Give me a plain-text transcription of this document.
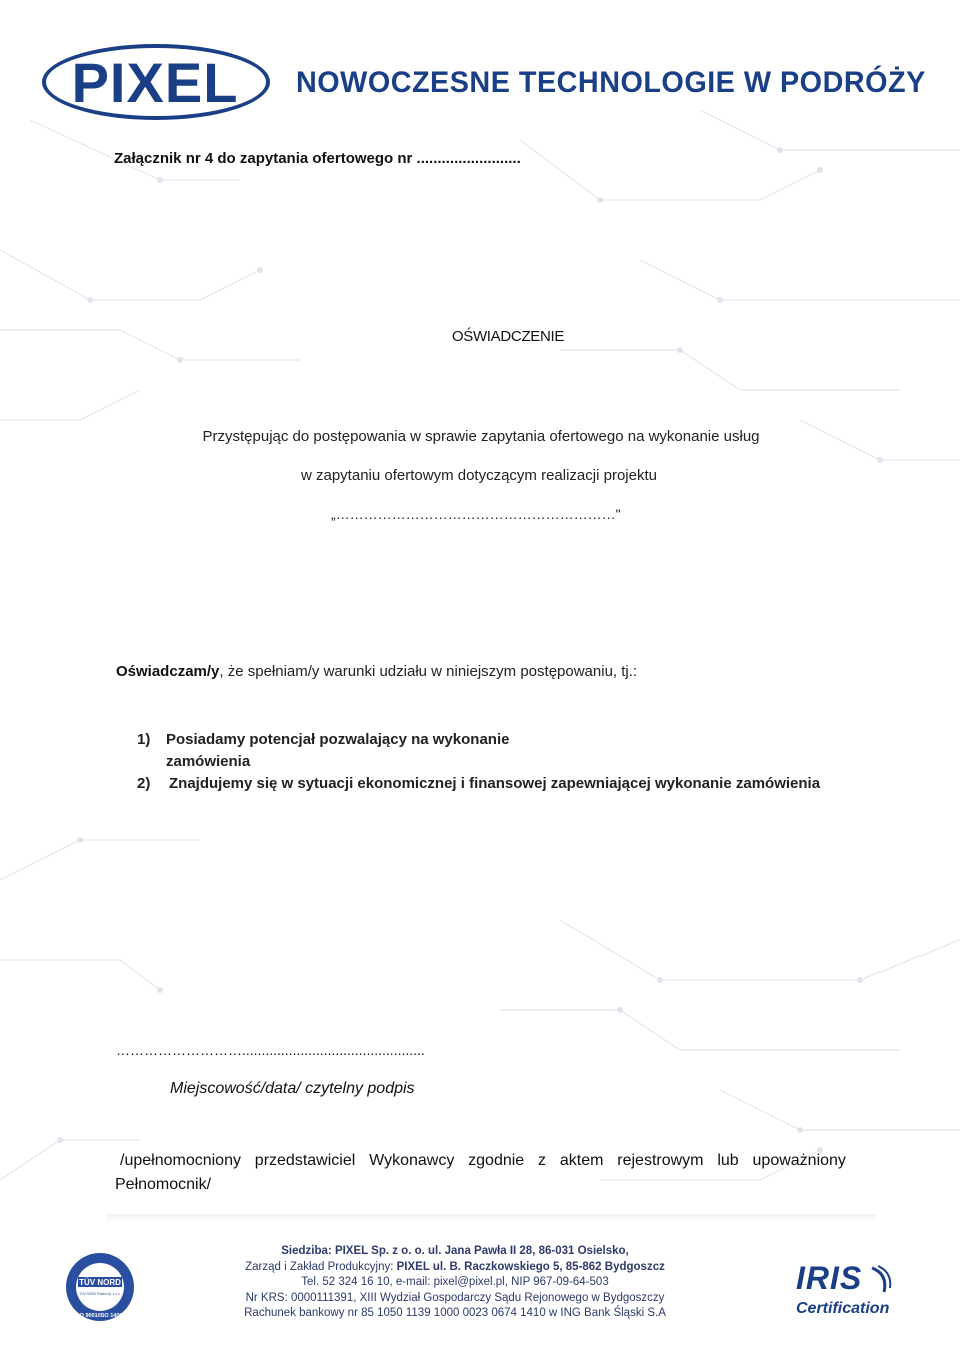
PIXEL	NOWOCZESNE TECHNOLOGIE W PODRÓŻY
Załącznik nr 4 do zapytania ofertowego nr .........................
OŚWIADCZENIE
Przystępując do postępowania w sprawie zapytania ofertowego na wykonanie usług
w zapytaniu ofertowym dotyczącym realizacji projektu
„……………………………………………………"
Oświadczam/y, że spełniam/y warunki udziału w niniejszym postępowaniu, tj.:
1) Posiadamy potencjał pozwalający na wykonanie
zamówienia
2) Znajdujemy się w sytuacji ekonomicznej i finansowej zapewniającej wykonanie zamówienia
………………………...............................................
Miejscowość/data/ czytelny podpis
/upełnomocniony przedstawiciel Wykonawcy zgodnie z aktem rejestrowym lub upoważniony
Pełnomocnik/
TÜV NORD
TÜV NORD Polska Sp. z o.o.
ISO 9001/ISO 14001
Siedziba: PIXEL Sp. z o. o. ul. Jana Pawła II 28, 86-031 Osielsko,
Zarząd i Zakład Produkcyjny: PIXEL ul. B. Raczkowskiego 5, 85-862 Bydgoszcz
Tel. 52 324 16 10, e-mail: pixel@pixel.pl, NIP 967-09-64-503
Nr KRS: 0000111391, XIII Wydział Gospodarczy Sądu Rejonowego w Bydgoszczy
Rachunek bankowy nr 85 1050 1139 1000 0023 0674 1410 w ING Bank Śląski S.A
IRIS
Certification
